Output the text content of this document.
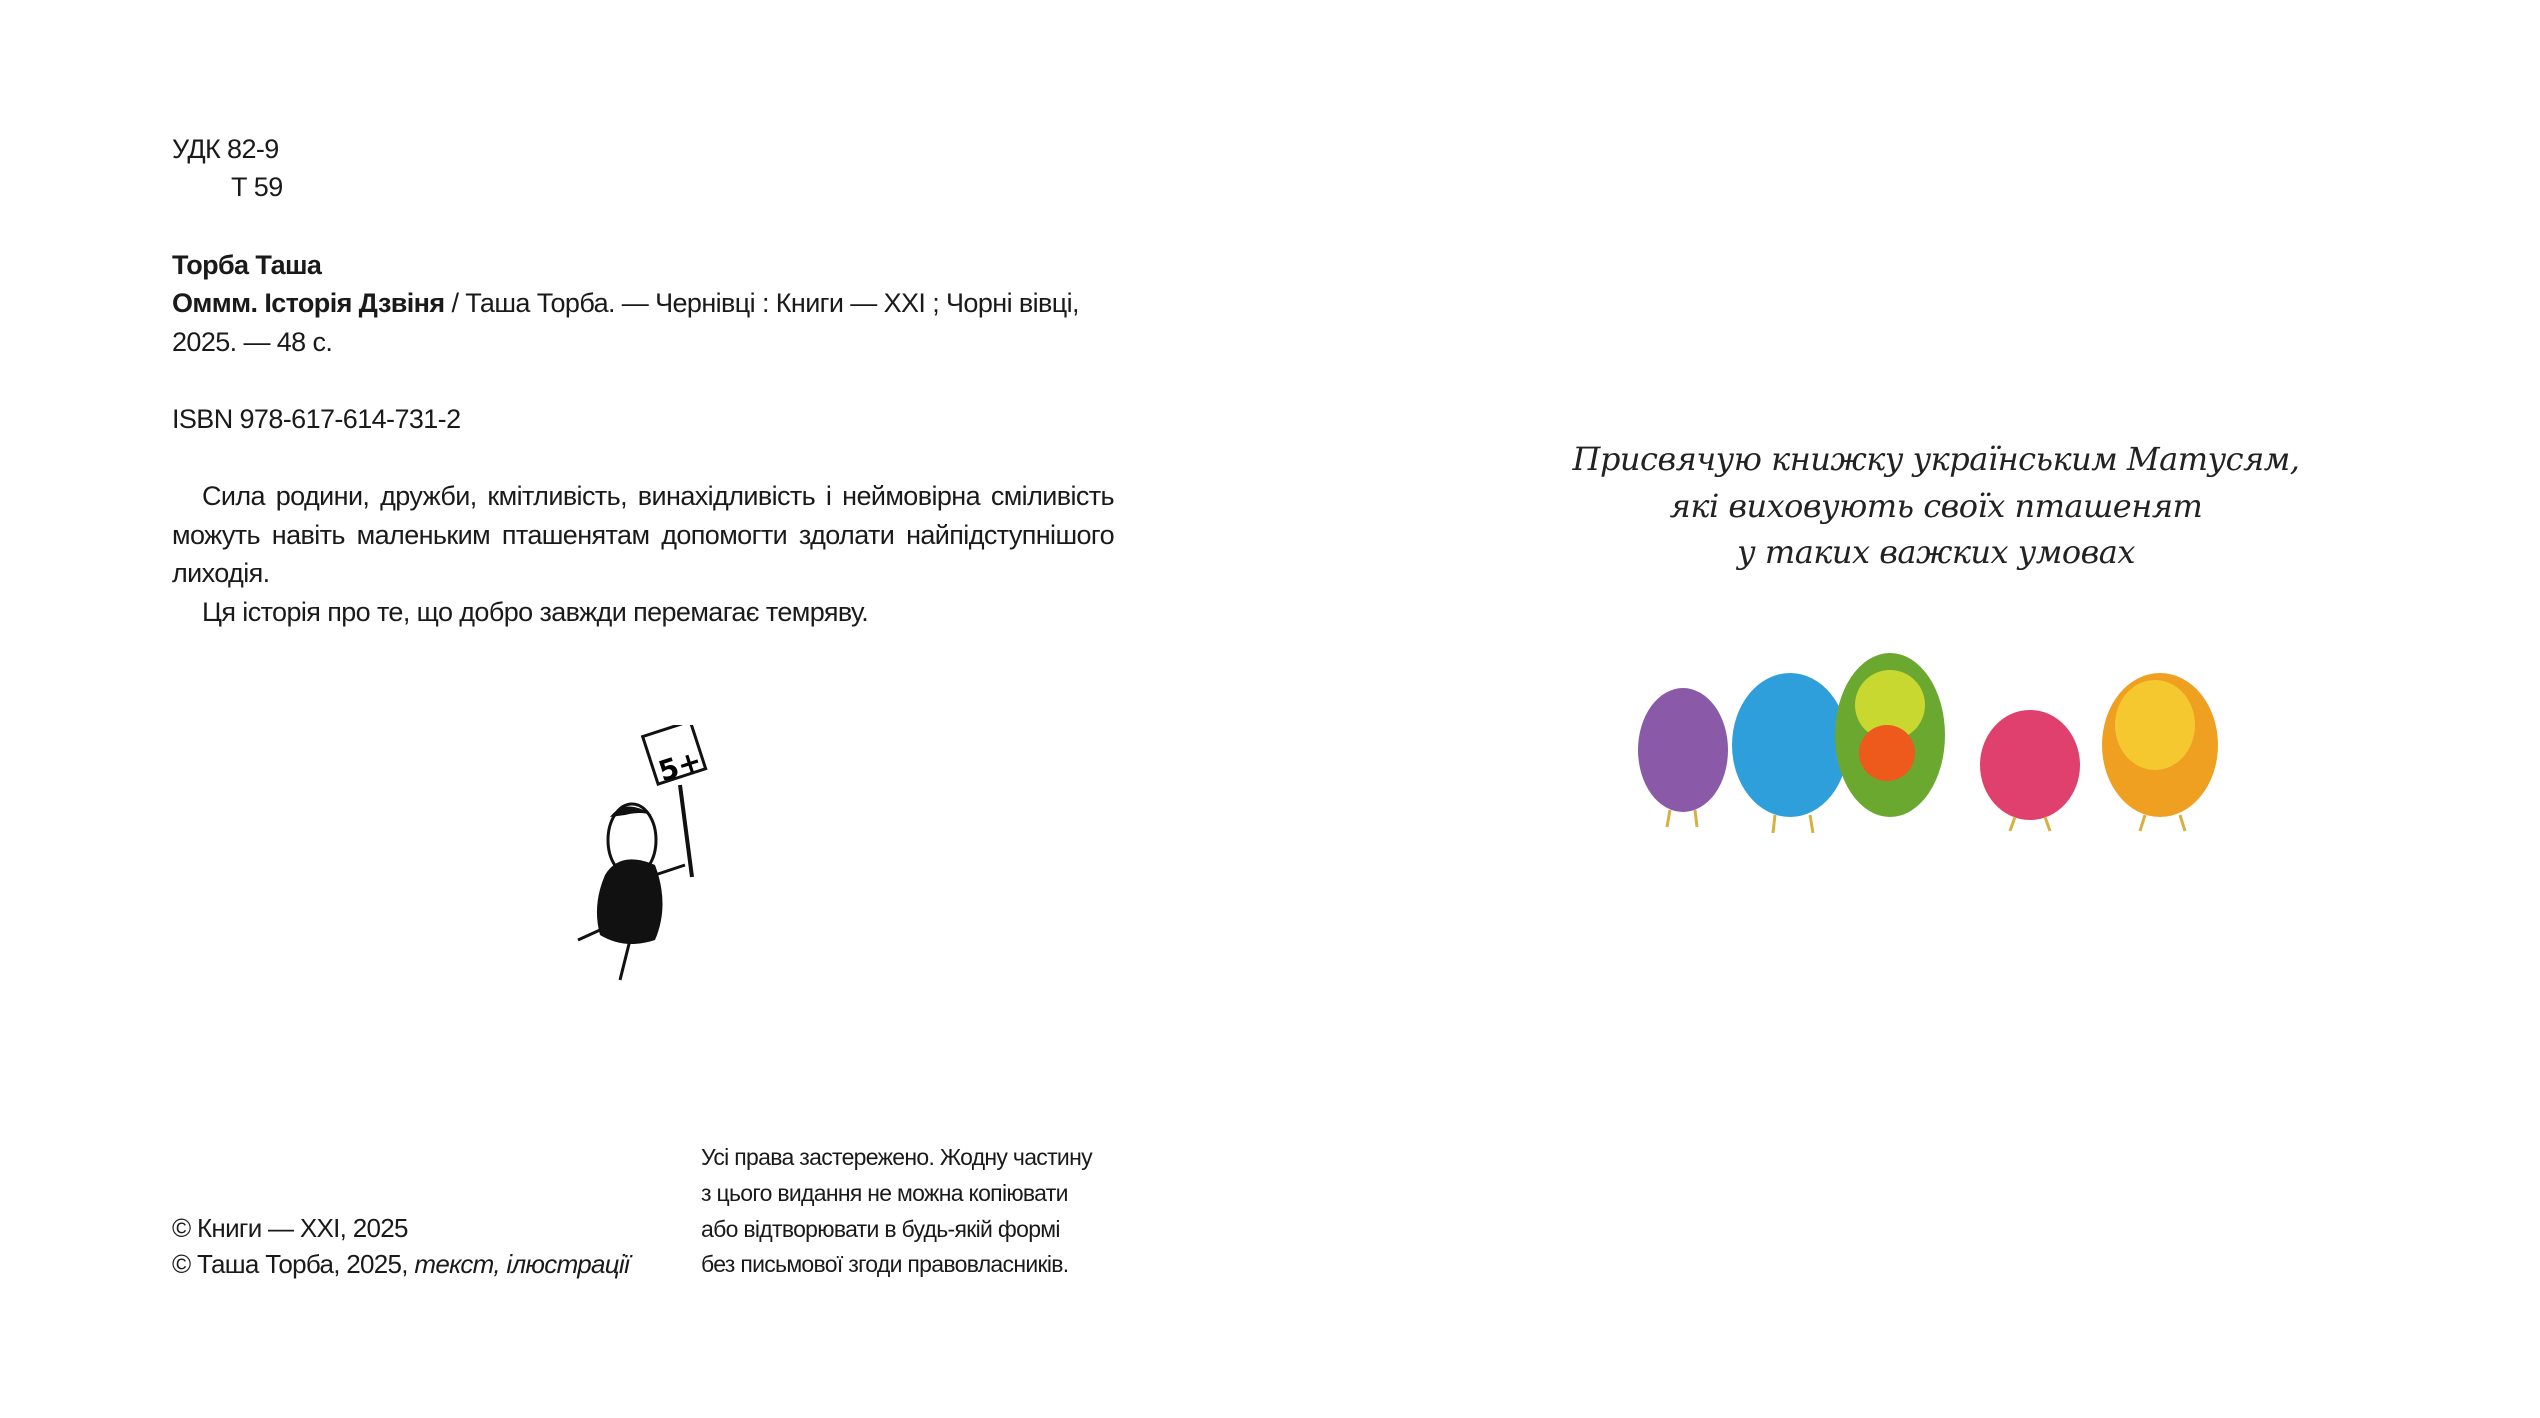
УДК 82-9
Т 59
Торба Таша
Оммм. Історія Дзвіня / Таша Торба. — Чернівці : Книги — XXI ; Чорні вівці,
2025. — 48 с.
ISBN 978-617-614-731-2

Сила родини, дружби, кмітливість, винахідливість і неймовірна сміливість можуть навіть маленьким пташенятам допомогти здолати найпідступнішого лиходія.

Ця історія про те, що добро завжди перемагає темряву.

5+
© Книги — XXI, 2025
© Таша Торба, 2025, текст, ілюстрації
Усі права застережено. Жодну частину
з цього видання не можна копіювати
або відтворювати в будь-якій формі
без письмової згоди правовласників.
Присвячую книжку українським Матусям,
які виховують своїх пташенят
у таких важких умовах
